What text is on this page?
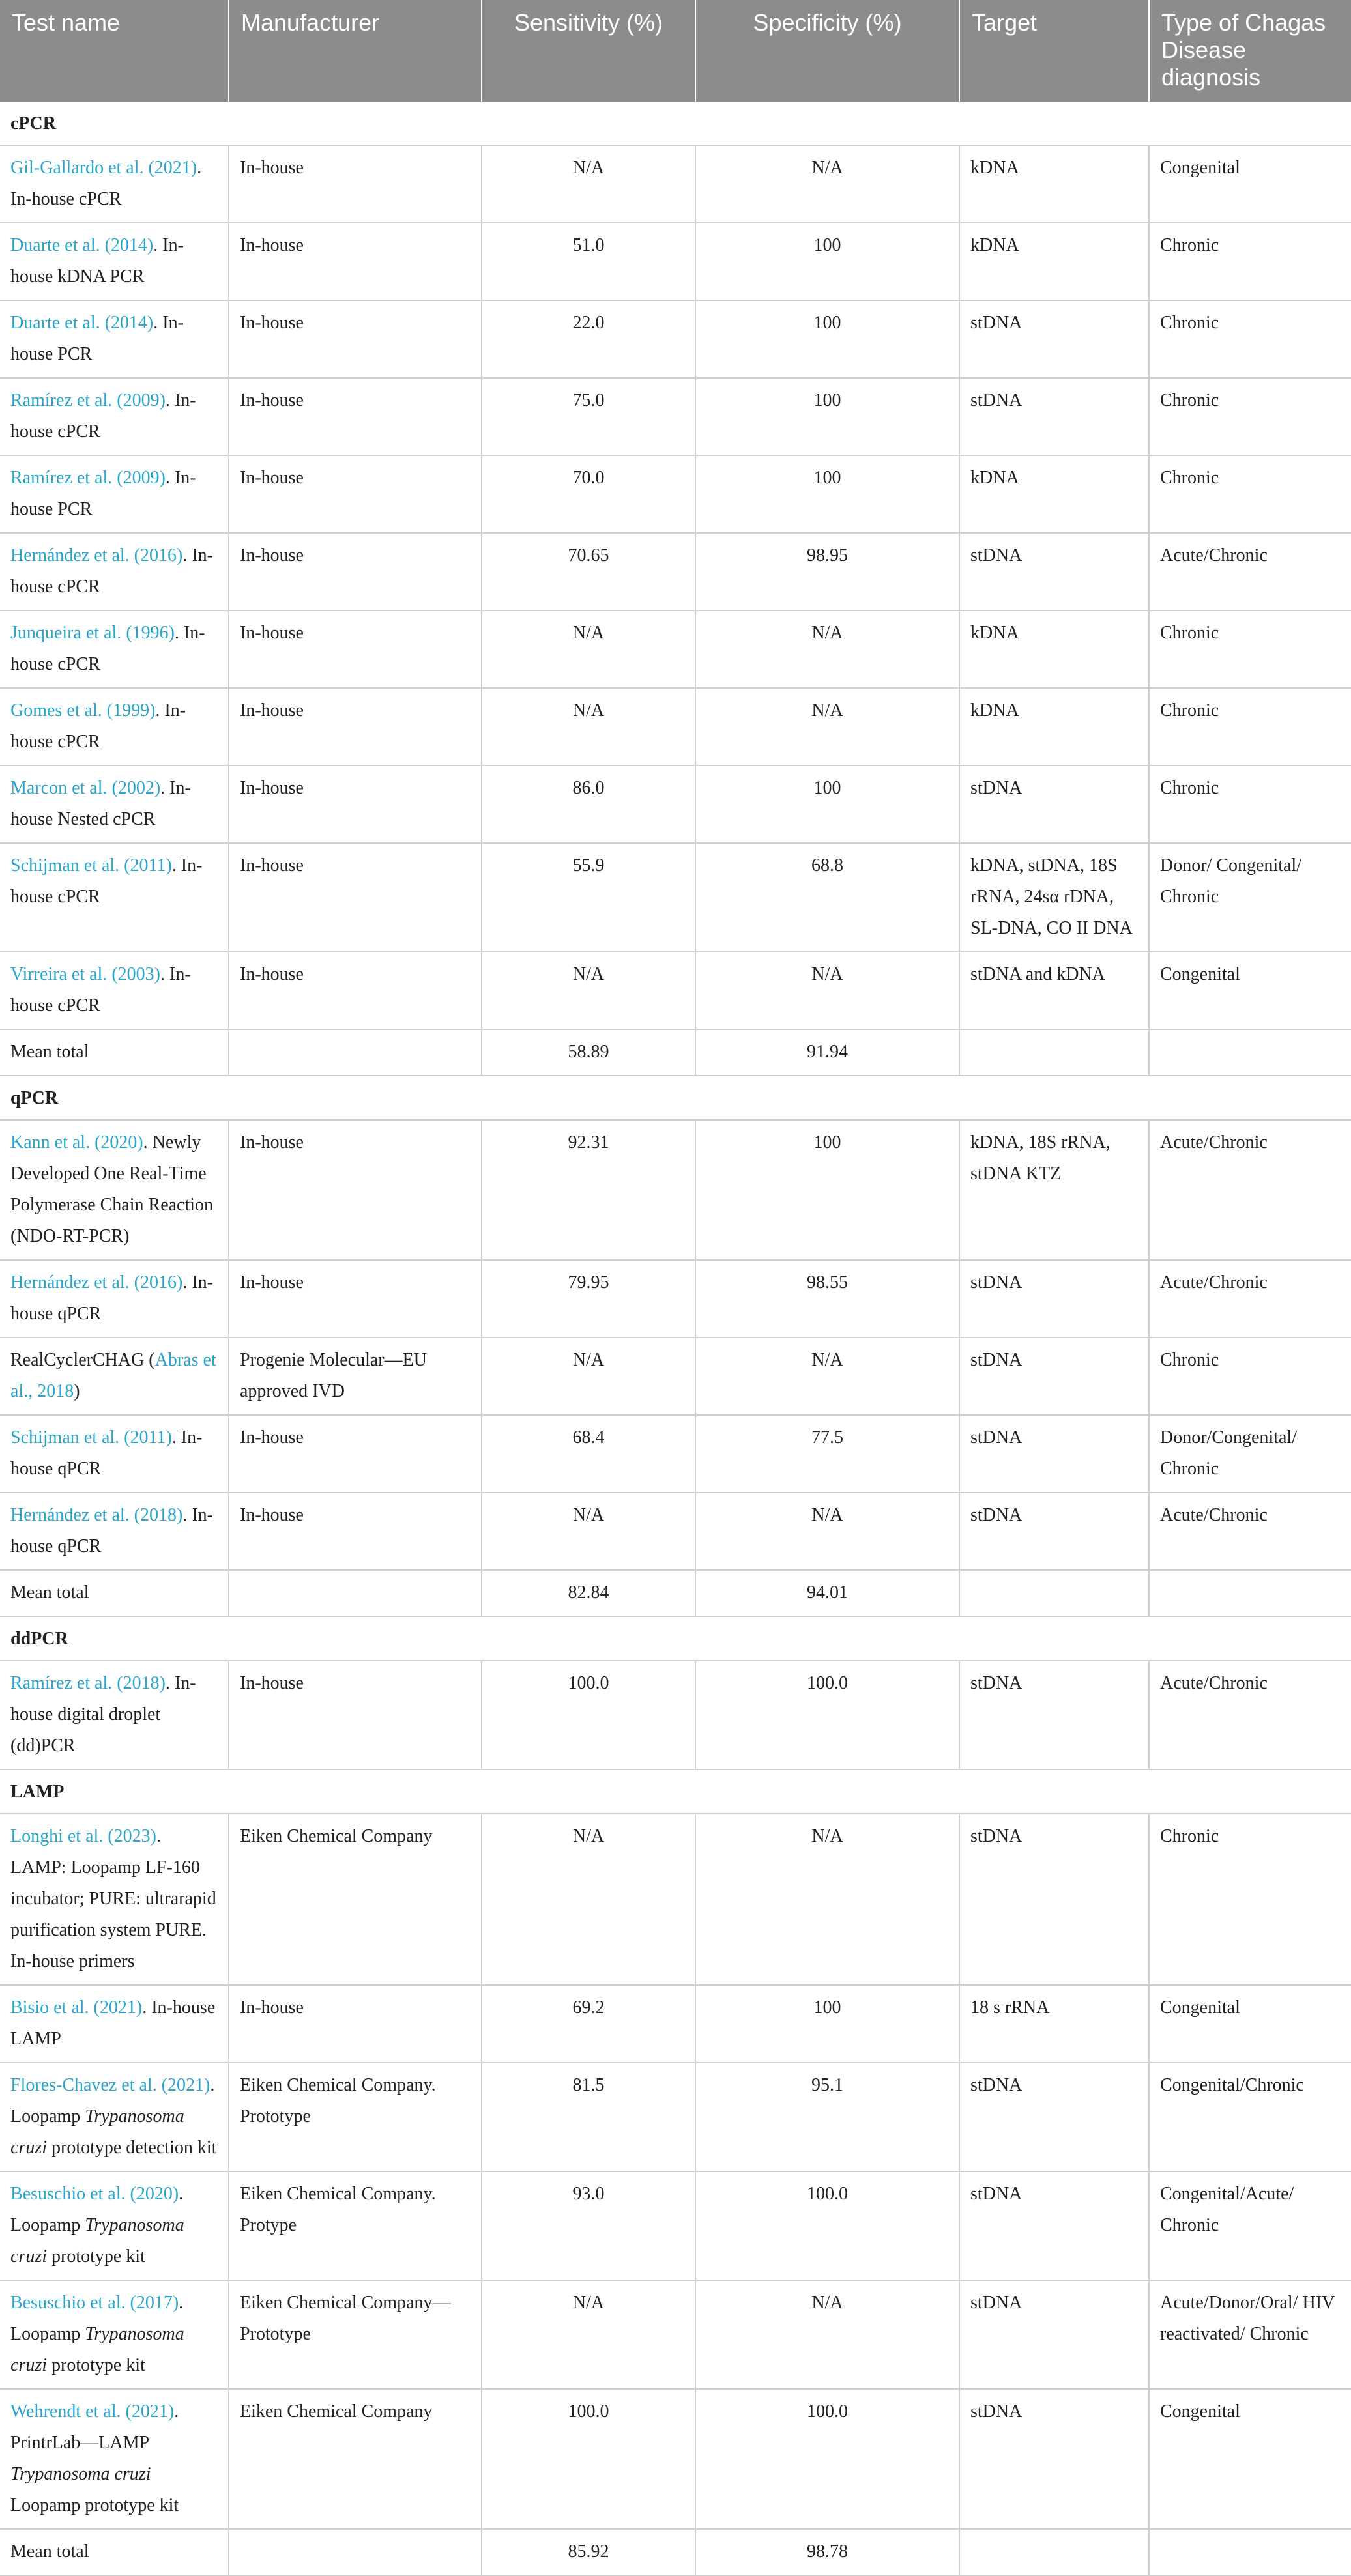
Test name	Manufacturer	Sensitivity (%)	Specificity (%)	Target	Type of Chagas Disease diagnosis
cPCR					
Gil-Gallardo et al. (2021). In-house cPCR	In-house	N/A	N/A	kDNA	Congenital
Duarte et al. (2014). In-house kDNA PCR	In-house	51.0	100	kDNA	Chronic
Duarte et al. (2014). In-house PCR	In-house	22.0	100	stDNA	Chronic
Ramírez et al. (2009). In-house cPCR	In-house	75.0	100	stDNA	Chronic
Ramírez et al. (2009). In-house PCR	In-house	70.0	100	kDNA	Chronic
Hernández et al. (2016). In-house cPCR	In-house	70.65	98.95	stDNA	Acute/Chronic
Junqueira et al. (1996). In-house cPCR	In-house	N/A	N/A	kDNA	Chronic
Gomes et al. (1999). In-house cPCR	In-house	N/A	N/A	kDNA	Chronic
Marcon et al. (2002). In-house Nested cPCR	In-house	86.0	100	stDNA	Chronic
Schijman et al. (2011). In-house cPCR	In-house	55.9	68.8	kDNA, stDNA, 18S rRNA, 24sα rDNA, SL-DNA, CO II DNA	Donor/ Congenital/ Chronic
Virreira et al. (2003). In-house cPCR	In-house	N/A	N/A	stDNA and kDNA	Congenital
Mean total		58.89	91.94		
qPCR					
Kann et al. (2020). Newly Developed One Real-Time Polymerase Chain Reaction (NDO-RT-PCR)	In-house	92.31	100	kDNA, 18S rRNA, stDNA KTZ	Acute/Chronic
Hernández et al. (2016). In-house qPCR	In-house	79.95	98.55	stDNA	Acute/Chronic
RealCyclerCHAG (Abras et al., 2018)	Progenie Molecular—EU approved IVD	N/A	N/A	stDNA	Chronic
Schijman et al. (2011). In-house qPCR	In-house	68.4	77.5	stDNA	Donor/Congenital/ Chronic
Hernández et al. (2018). In-house qPCR	In-house	N/A	N/A	stDNA	Acute/Chronic
Mean total		82.84	94.01		
ddPCR					
Ramírez et al. (2018). In-house digital droplet (dd)PCR	In-house	100.0	100.0	stDNA	Acute/Chronic
LAMP					
Longhi et al. (2023). LAMP: Loopamp LF-160 incubator; PURE: ultrarapid purification system PURE. In-house primers	Eiken Chemical Company	N/A	N/A	stDNA	Chronic
Bisio et al. (2021). In-house LAMP	In-house	69.2	100	18 s rRNA	Congenital
Flores-Chavez et al. (2021). Loopamp Trypanosoma cruzi prototype detection kit	Eiken Chemical Company. Prototype	81.5	95.1	stDNA	Congenital/Chronic
Besuschio et al. (2020). Loopamp Trypanosoma cruzi prototype kit	Eiken Chemical Company. Protype	93.0	100.0	stDNA	Congenital/Acute/ Chronic
Besuschio et al. (2017). Loopamp Trypanosoma cruzi prototype kit	Eiken Chemical Company—Prototype	N/A	N/A	stDNA	Acute/Donor/Oral/ HIV reactivated/ Chronic
Wehrendt et al. (2021). PrintrLab—LAMP Trypanosoma cruzi Loopamp prototype kit	Eiken Chemical Company	100.0	100.0	stDNA	Congenital
Mean total		85.92	98.78		
